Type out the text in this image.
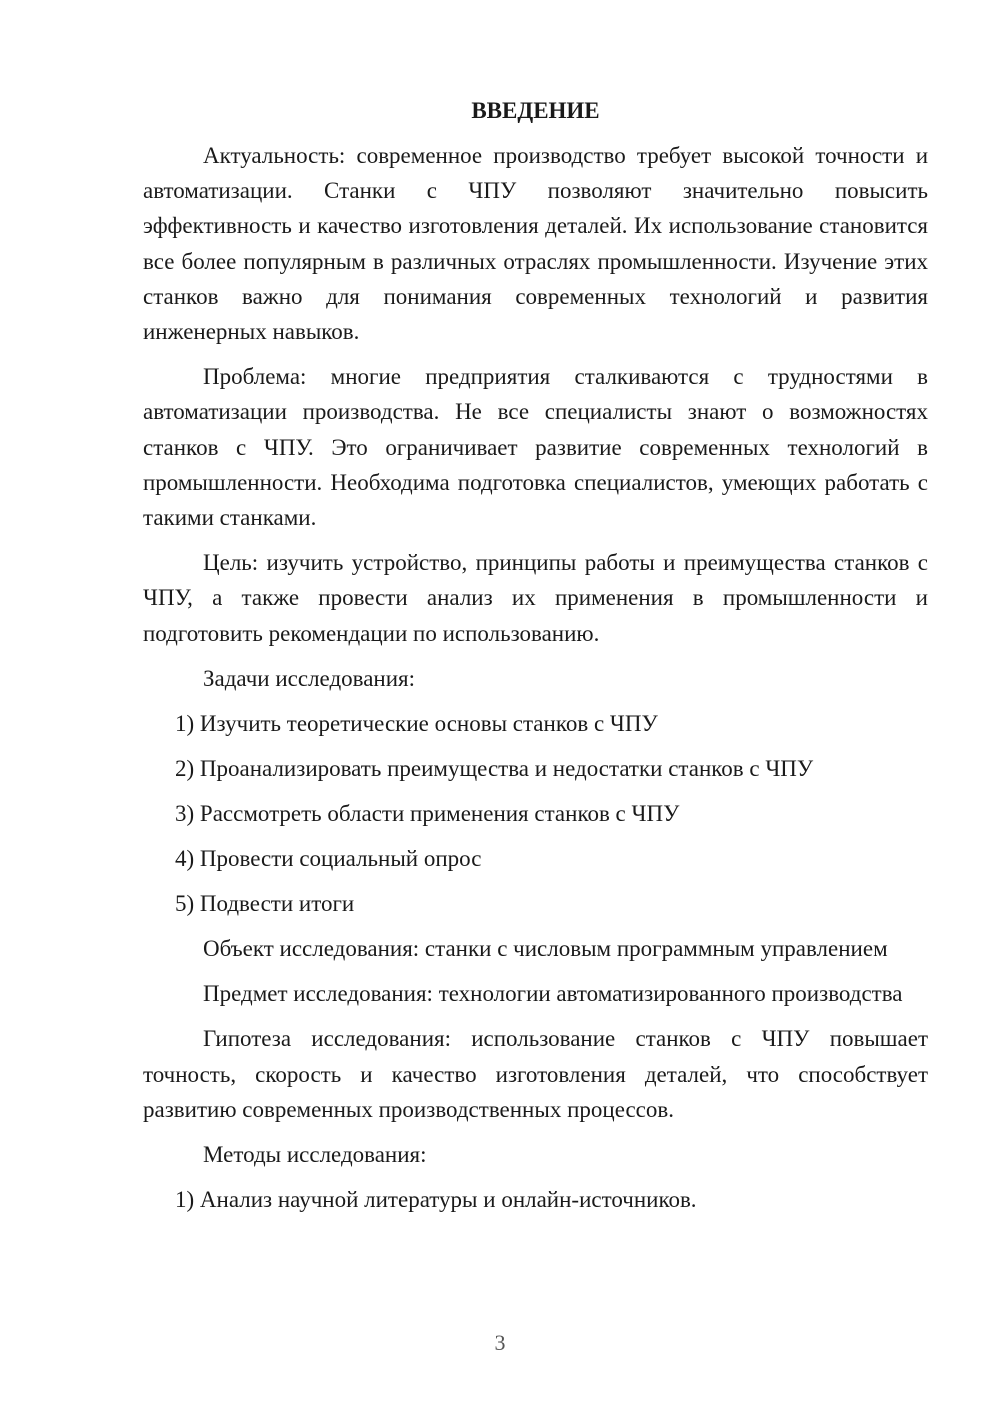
ВВЕДЕНИЕ

Актуальность: современное производство требует высокой точности и автоматизации. Станки с ЧПУ позволяют значительно повысить эффективность и качество изготовления деталей. Их использование становится все более популярным в различных отраслях промышленности. Изучение этих станков важно для понимания современных технологий и развития инженерных навыков.

Проблема: многие предприятия сталкиваются с трудностями в автоматизации производства. Не все специалисты знают о возможностях станков с ЧПУ. Это ограничивает развитие современных технологий в промышленности. Необходима подготовка специалистов, умеющих работать с такими станками.

Цель: изучить устройство, принципы работы и преимущества станков с ЧПУ, а также провести анализ их применения в промышленности и подготовить рекомендации по использованию.

Задачи исследования:

1) Изучить теоретические основы станков с ЧПУ
2) Проанализировать преимущества и недостатки станков с ЧПУ
3) Рассмотреть области применения станков с ЧПУ
4) Провести социальный опрос
5) Подвести итоги

Объект исследования: станки с числовым программным управлением

Предмет исследования: технологии автоматизированного производства

Гипотеза исследования: использование станков с ЧПУ повышает точность, скорость и качество изготовления деталей, что способствует развитию современных производственных процессов.

Методы исследования:

1) Анализ научной литературы и онлайн-источников.
3
